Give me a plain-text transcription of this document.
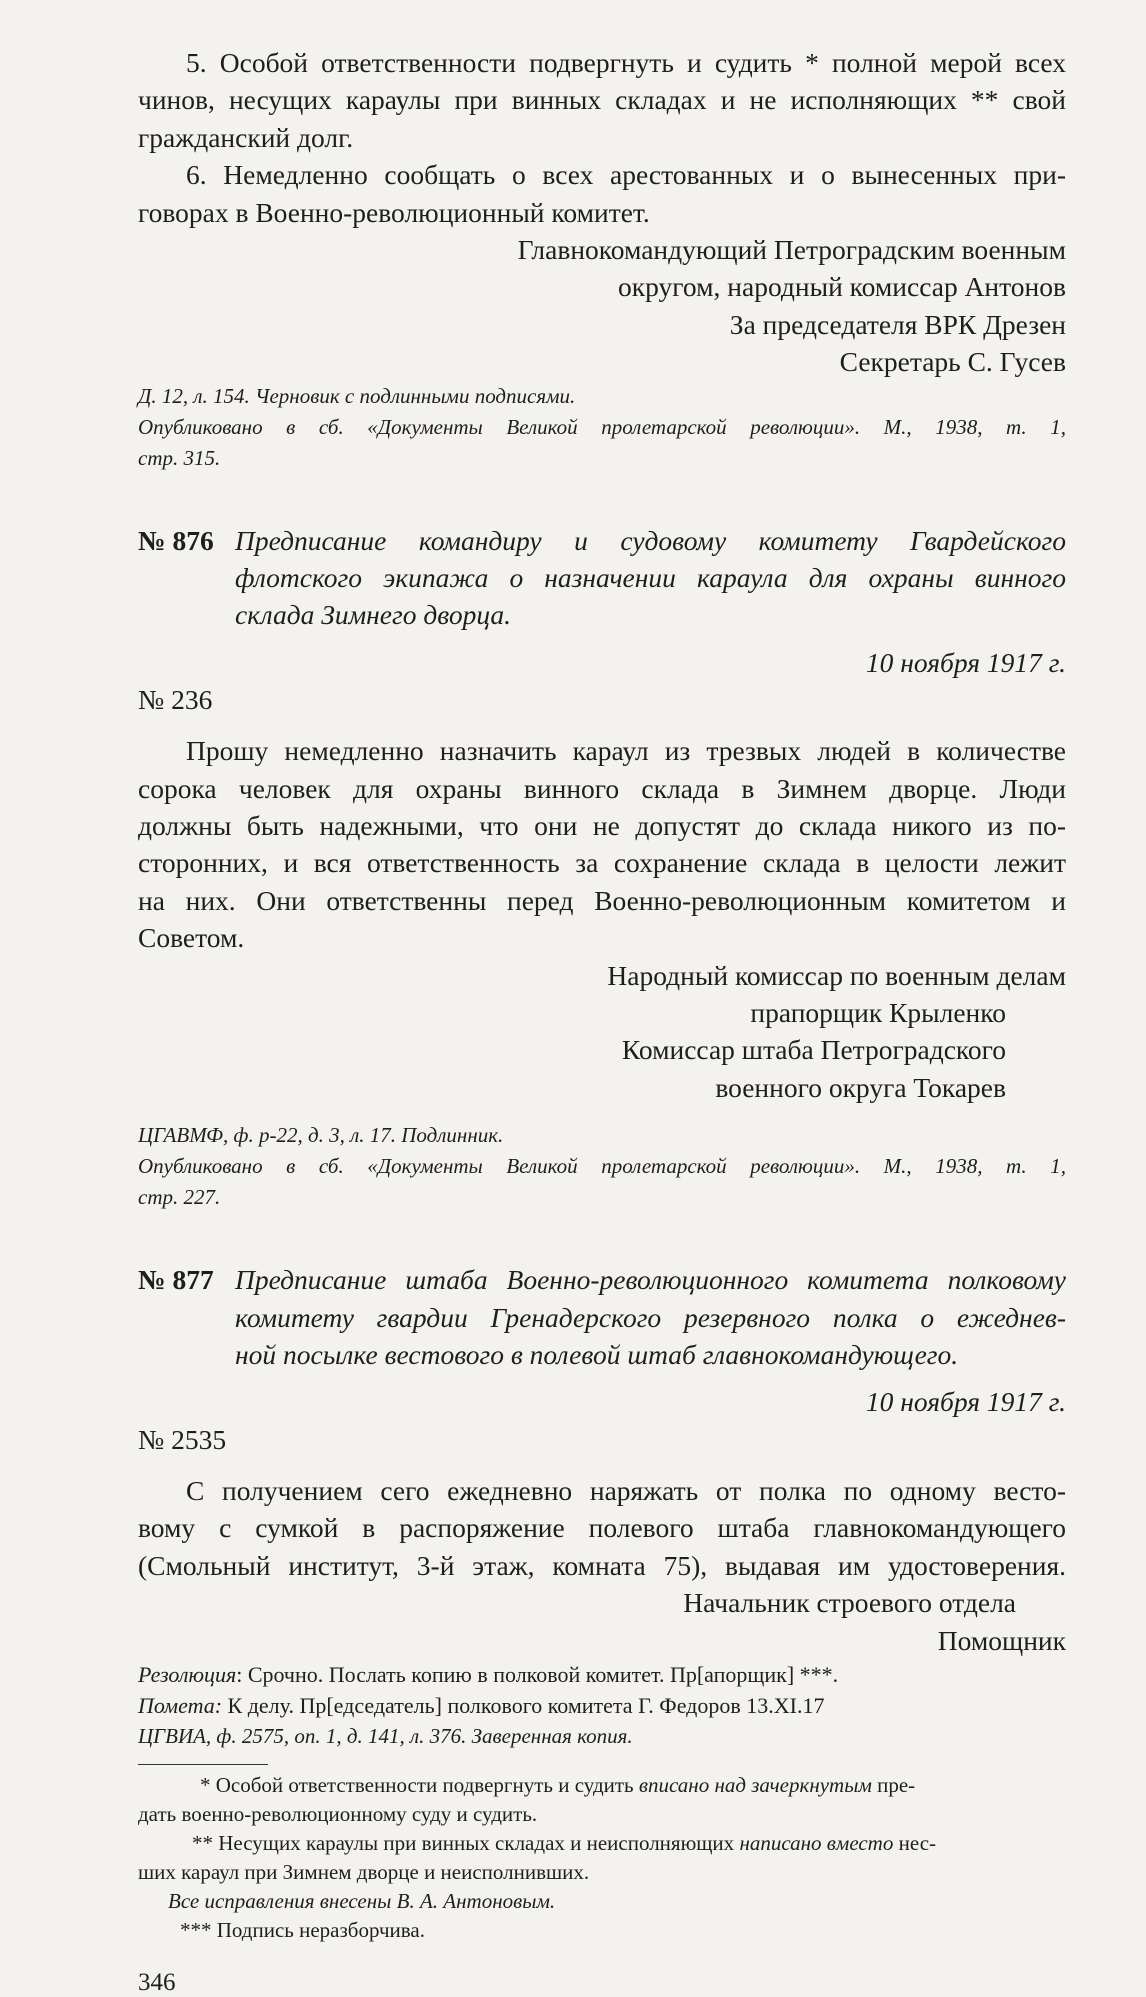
5. Особой ответственности подвергнуть и судить * полной мерой всех
чинов, несущих караулы при винных складах и не исполняющих ** свой
гражданский долг.
6. Немедленно сообщать о всех арестованных и о вынесенных при-
говорах в Военно-революционный комитет.
Главнокомандующий Петроградским военным
округом, народный комиссар Антонов
За председателя ВРК Дрезен
Секретарь С. Гусев
Д. 12, л. 154. Черновик с подлинными подписями.
Опубликовано в сб. «Документы Великой пролетарской революции». М., 1938, т. 1,
стр. 315.
№ 876 Предписание командиру и судовому комитету Гвардейского
флотского экипажа о назначении караула для охраны винного
склада Зимнего дворца.
10 ноября 1917 г.
№ 236
Прошу немедленно назначить караул из трезвых людей в количестве
сорока человек для охраны винного склада в Зимнем дворце. Люди
должны быть надежными, что они не допустят до склада никого из по-
сторонних, и вся ответственность за сохранение склада в целости лежит
на них. Они ответственны перед Военно-революционным комитетом и
Советом.
Народный комиссар по военным делам
прапорщик Крыленко
Комиссар штаба Петроградского
военного округа Токарев
ЦГАВМФ, ф. р-22, д. 3, л. 17. Подлинник.
Опубликовано в сб. «Документы Великой пролетарской революции». М., 1938, т. 1,
стр. 227.
№ 877 Предписание штаба Военно-революционного комитета полковому
комитету гвардии Гренадерского резервного полка о ежеднев-
ной посылке вестового в полевой штаб главнокомандующего.
10 ноября 1917 г.
№ 2535
С получением сего ежедневно наряжать от полка по одному весто-
вому с сумкой в распоряжение полевого штаба главнокомандующего
(Смольный институт, 3-й этаж, комната 75), выдавая им удостоверения.
Начальник строевого отдела
Помощник
Резолюция: Срочно. Послать копию в полковой комитет. Пр[апорщик] ***.
Помета: К делу. Пр[едседатель] полкового комитета Г. Федоров 13.XI.17
ЦГВИА, ф. 2575, оп. 1, д. 141, л. 376. Заверенная копия.
* Особой ответственности подвергнуть и судить вписано над зачеркнутым пре-
дать военно-революционному суду и судить.
** Несущих караулы при винных складах и неисполняющих написано вместо нес-
ших караул при Зимнем дворце и неисполнивших.
Все исправления внесены В. А. Антоновым.
*** Подпись неразборчива.
346
